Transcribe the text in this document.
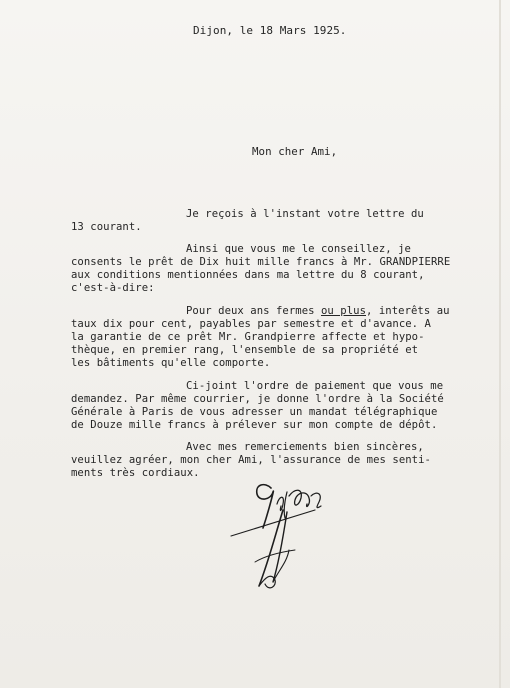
Dijon, le 18 Mars 1925.
Mon cher Ami,
Je reçois à l'instant votre lettre du
13 courant.
Ainsi que vous me le conseillez, je
consents le prêt de Dix huit mille francs à Mr. GRANDPIERRE
aux conditions mentionnées dans ma lettre du 8 courant,
c'est-à-dire:
Pour deux ans fermes ou plus, interêts au
taux dix pour cent, payables par semestre et d'avance. A
la garantie de ce prêt Mr. Grandpierre affecte et hypo-
thèque, en premier rang, l'ensemble de sa propriété et
les bâtiments qu'elle comporte.
Ci-joint l'ordre de paiement que vous me
demandez. Par même courrier, je donne l'ordre à la Société
Générale à Paris de vous adresser un mandat télégraphique
de Douze mille francs à prélever sur mon compte de dépôt.
Avec mes remerciements bien sincères,
veuillez agréer, mon cher Ami, l'assurance de mes senti-
ments très cordiaux.
